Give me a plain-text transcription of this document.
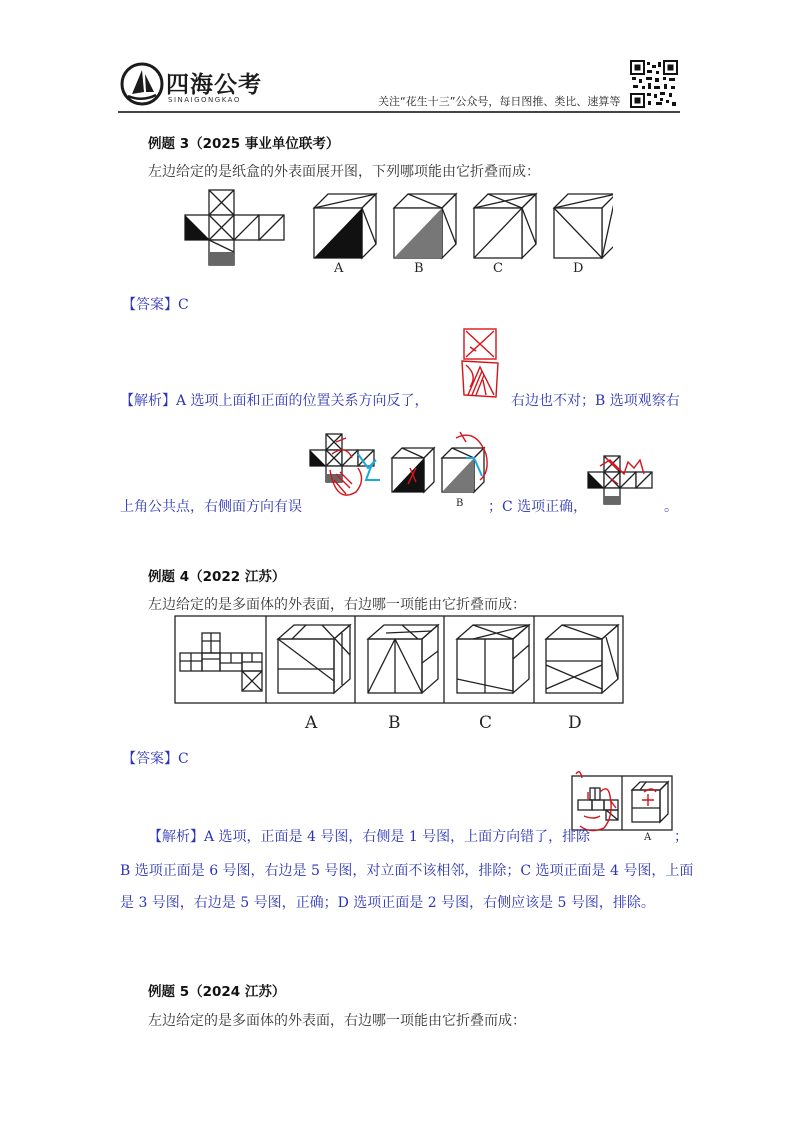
四海公考
SINAIGONGKAO	关注“花生十三”公众号，每日图推、类比、速算等
例题 3（2025 事业单位联考）
左边给定的是纸盒的外表面展开图，下列哪项能由它折叠而成：
A	B	C	D
【答案】C
【解析】A 选项上面和正面的位置关系方向反了，	右边也不对；B 选项观察右
B
上角公共点，右侧面方向有误	；C 选项正确，	。
例题 4（2022 江苏）
左边给定的是多面体的外表面，右边哪一项能由它折叠而成：
A	B	C	D
【答案】C
A
【解析】A 选项，正面是 4 号图，右侧是 1 号图，上面方向错了，排除	；
B 选项正面是 6 号图，右边是 5 号图，对立面不该相邻，排除；C 选项正面是 4 号图，上面
是 3 号图，右边是 5 号图，正确；D 选项正面是 2 号图，右侧应该是 5 号图，排除。
例题 5（2024 江苏）
左边给定的是多面体的外表面，右边哪一项能由它折叠而成：
